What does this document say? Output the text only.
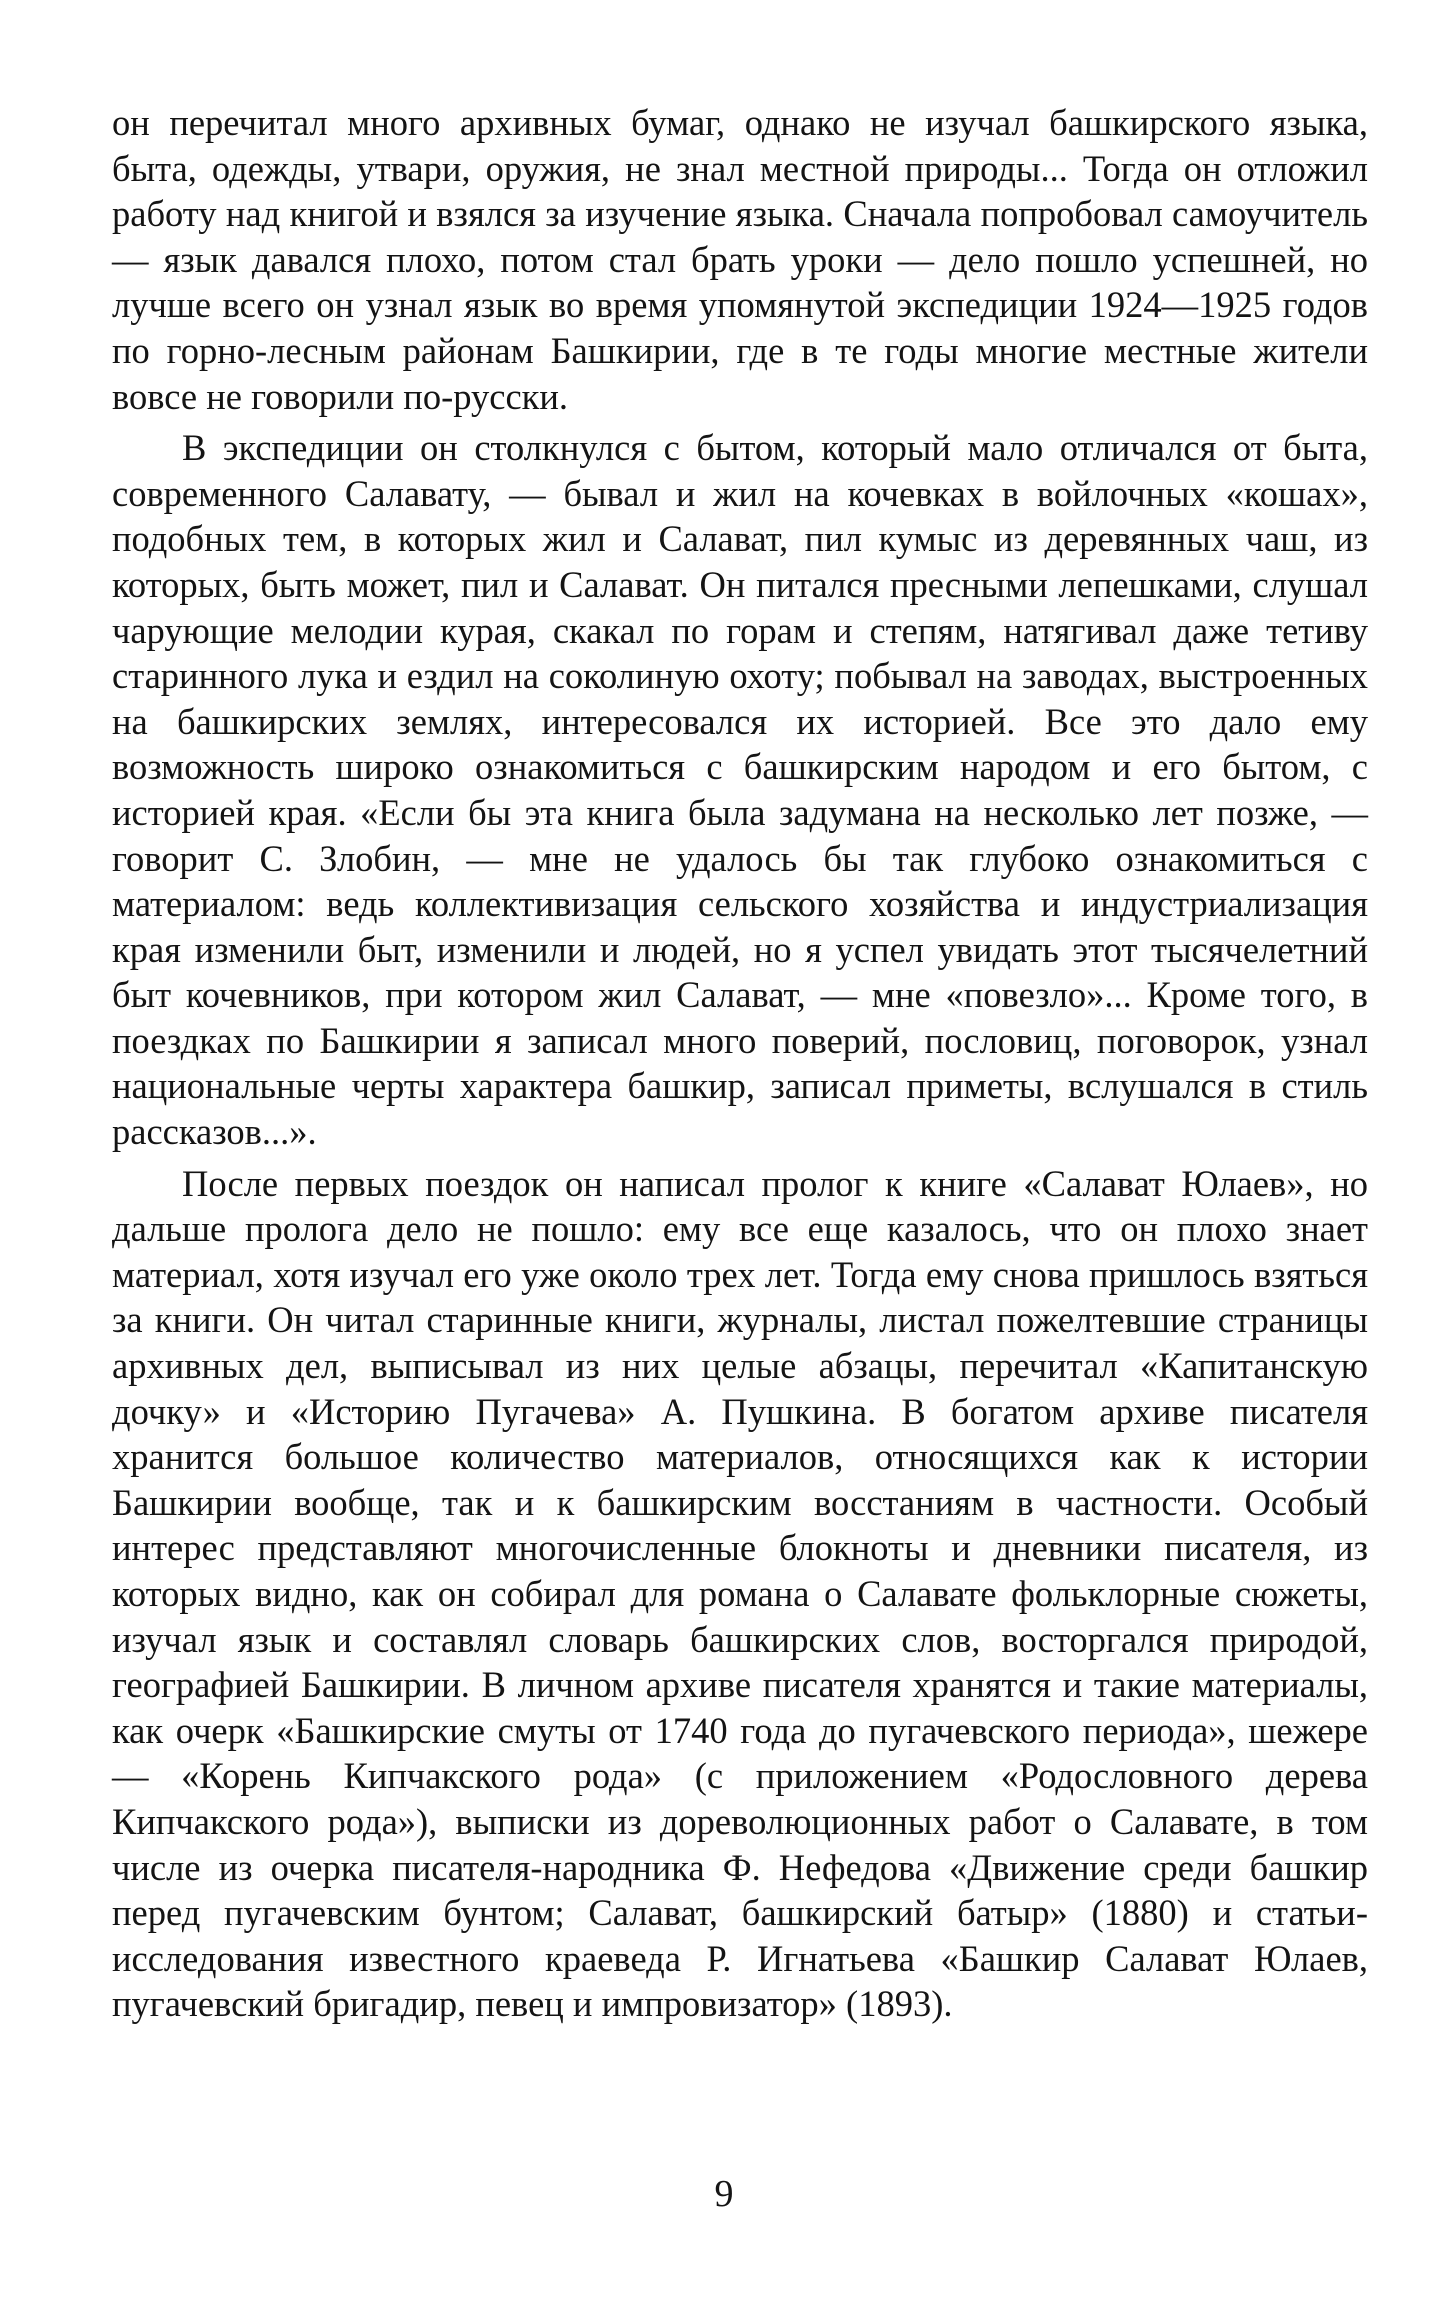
он перечитал много архивных бумаг, однако не изучал башкирского языка, быта, одежды, утвари, оружия, не знал местной природы... Тогда он отложил работу над книгой и взялся за изучение языка. Сначала попробовал самоучитель — язык давался плохо, потом стал брать уроки — дело пошло успешней, но лучше всего он узнал язык во время упомянутой экспедиции 1924—1925 годов по горно-лесным районам Башкирии, где в те годы многие местные жители вовсе не говорили по-русски.

В экспедиции он столкнулся с бытом, который мало отличался от быта, современного Салавату, — бывал и жил на кочевках в войлочных «кошах», подобных тем, в которых жил и Салават, пил кумыс из деревянных чаш, из которых, быть может, пил и Салават. Он питался пресными лепешками, слушал чарующие мелодии курая, скакал по горам и степям, натягивал даже тетиву старинного лука и ездил на соколиную охоту; побывал на заводах, выстроенных на башкирских землях, интересовался их историей. Все это дало ему возможность широко ознакомиться с башкирским народом и его бытом, с историей края. «Если бы эта книга была задумана на несколько лет позже, — говорит С. Злобин, — мне не удалось бы так глубоко ознакомиться с материалом: ведь коллективизация сельского хозяйства и индустриализация края изменили быт, изменили и людей, но я успел увидать этот тысячелетний быт кочевников, при котором жил Салават, — мне «повезло»... Кроме того, в поездках по Башкирии я записал много поверий, пословиц, поговорок, узнал национальные черты характера башкир, записал приметы, вслушался в стиль рассказов...».

После первых поездок он написал пролог к книге «Салават Юлаев», но дальше пролога дело не пошло: ему все еще казалось, что он плохо знает материал, хотя изучал его уже около трех лет. Тогда ему снова пришлось взяться за книги. Он читал старинные книги, журналы, листал пожелтевшие страницы архивных дел, выписывал из них целые абзацы, перечитал «Капитанскую дочку» и «Историю Пугачева» А. Пушкина. В богатом архиве писателя хранится большое количество материалов, относящихся как к истории Башкирии вообще, так и к башкирским восстаниям в частности. Особый интерес представляют многочисленные блокноты и дневники писателя, из которых видно, как он собирал для романа о Салавате фольклорные сюжеты, изучал язык и составлял словарь башкирских слов, восторгался природой, географией Башкирии. В личном архиве писателя хранятся и такие материалы, как очерк «Башкирские смуты от 1740 года до пугачевского периода», шежере — «Корень Кипчакского рода» (с приложением «Родословного дерева Кипчакского рода»), выписки из дореволюционных работ о Салавате, в том числе из очерка писателя-народника Ф. Нефедова «Движение среди башкир перед пугачевским бунтом; Салават, башкирский батыр» (1880) и статьи-исследования известного краеведа Р. Игнатьева «Башкир Салават Юлаев, пугачевский бригадир, певец и импровизатор» (1893).

9
